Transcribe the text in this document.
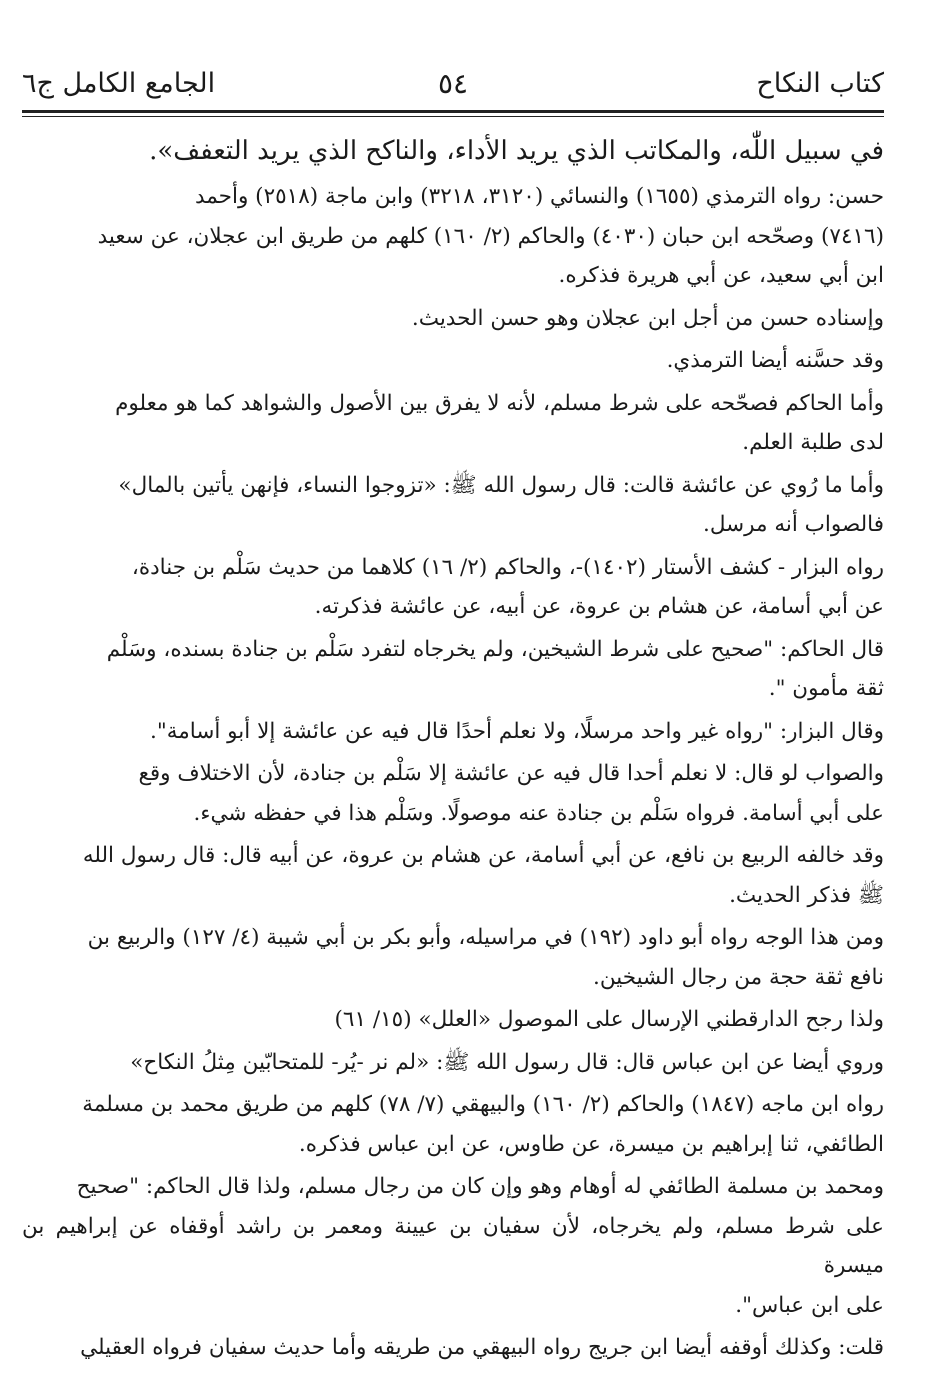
كتاب النكاح
٥٤
الجامع الكامل ج٦

في سبيل اللّٰه، والمكاتب الذي يريد الأداء، والناكح الذي يريد التعفف».

حسن: رواه الترمذي (١٦٥٥) والنسائي (٣١٢٠، ٣٢١٨) وابن ماجة (٢٥١٨) وأحمد
(٧٤١٦) وصحّحه ابن حبان (٤٠٣٠) والحاكم (٢/ ١٦٠) كلهم من طريق ابن عجلان، عن سعيد
ابن أبي سعيد، عن أبي هريرة فذكره.

وإسناده حسن من أجل ابن عجلان وهو حسن الحديث.

وقد حسَّنه أيضا الترمذي.

وأما الحاكم فصحّحه على شرط مسلم، لأنه لا يفرق بين الأصول والشواهد كما هو معلوم
لدى طلبة العلم.

وأما ما رُوي عن عائشة قالت: قال رسول الله ﷺ: «تزوجوا النساء، فإنهن يأتين بالمال»
فالصواب أنه مرسل.

رواه البزار - كشف الأستار (١٤٠٢)-، والحاكم (٢/ ١٦) كلاهما من حديث سَلْم بن جنادة،
عن أبي أسامة، عن هشام بن عروة، عن أبيه، عن عائشة فذكرته.

قال الحاكم: "صحيح على شرط الشيخين، ولم يخرجاه لتفرد سَلْم بن جنادة بسنده، وسَلْم
ثقة مأمون ".

وقال البزار: "رواه غير واحد مرسلًا، ولا نعلم أحدًا قال فيه عن عائشة إلا أبو أسامة".

والصواب لو قال: لا نعلم أحدا قال فيه عن عائشة إلا سَلْم بن جنادة، لأن الاختلاف وقع
على أبي أسامة. فرواه سَلْم بن جنادة عنه موصولًا. وسَلْم هذا في حفظه شيء.

وقد خالفه الربيع بن نافع، عن أبي أسامة، عن هشام بن عروة، عن أبيه قال: قال رسول الله
ﷺ فذكر الحديث.

ومن هذا الوجه رواه أبو داود (١٩٢) في مراسيله، وأبو بكر بن أبي شيبة (٤/ ١٢٧) والربيع بن
نافع ثقة حجة من رجال الشيخين.

ولذا رجح الدارقطني الإرسال على الموصول «العلل» (١٥/ ٦١)

وروي أيضا عن ابن عباس قال: قال رسول الله ﷺ: «لم نر -يُر- للمتحابّين مِثلُ النكاح»

رواه ابن ماجه (١٨٤٧) والحاكم (٢/ ١٦٠) والبيهقي (٧/ ٧٨) كلهم من طريق محمد بن مسلمة
الطائفي، ثنا إبراهيم بن ميسرة، عن طاوس، عن ابن عباس فذكره.

ومحمد بن مسلمة الطائفي له أوهام وهو وإن كان من رجال مسلم، ولذا قال الحاكم: "صحيح
على شرط مسلم، ولم يخرجاه، لأن سفيان بن عيينة ومعمر بن راشد أوقفاه عن إبراهيم بن ميسرة
على ابن عباس".

قلت: وكذلك أوقفه أيضا ابن جريج رواه البيهقي من طريقه وأما حديث سفيان فرواه العقيلي
